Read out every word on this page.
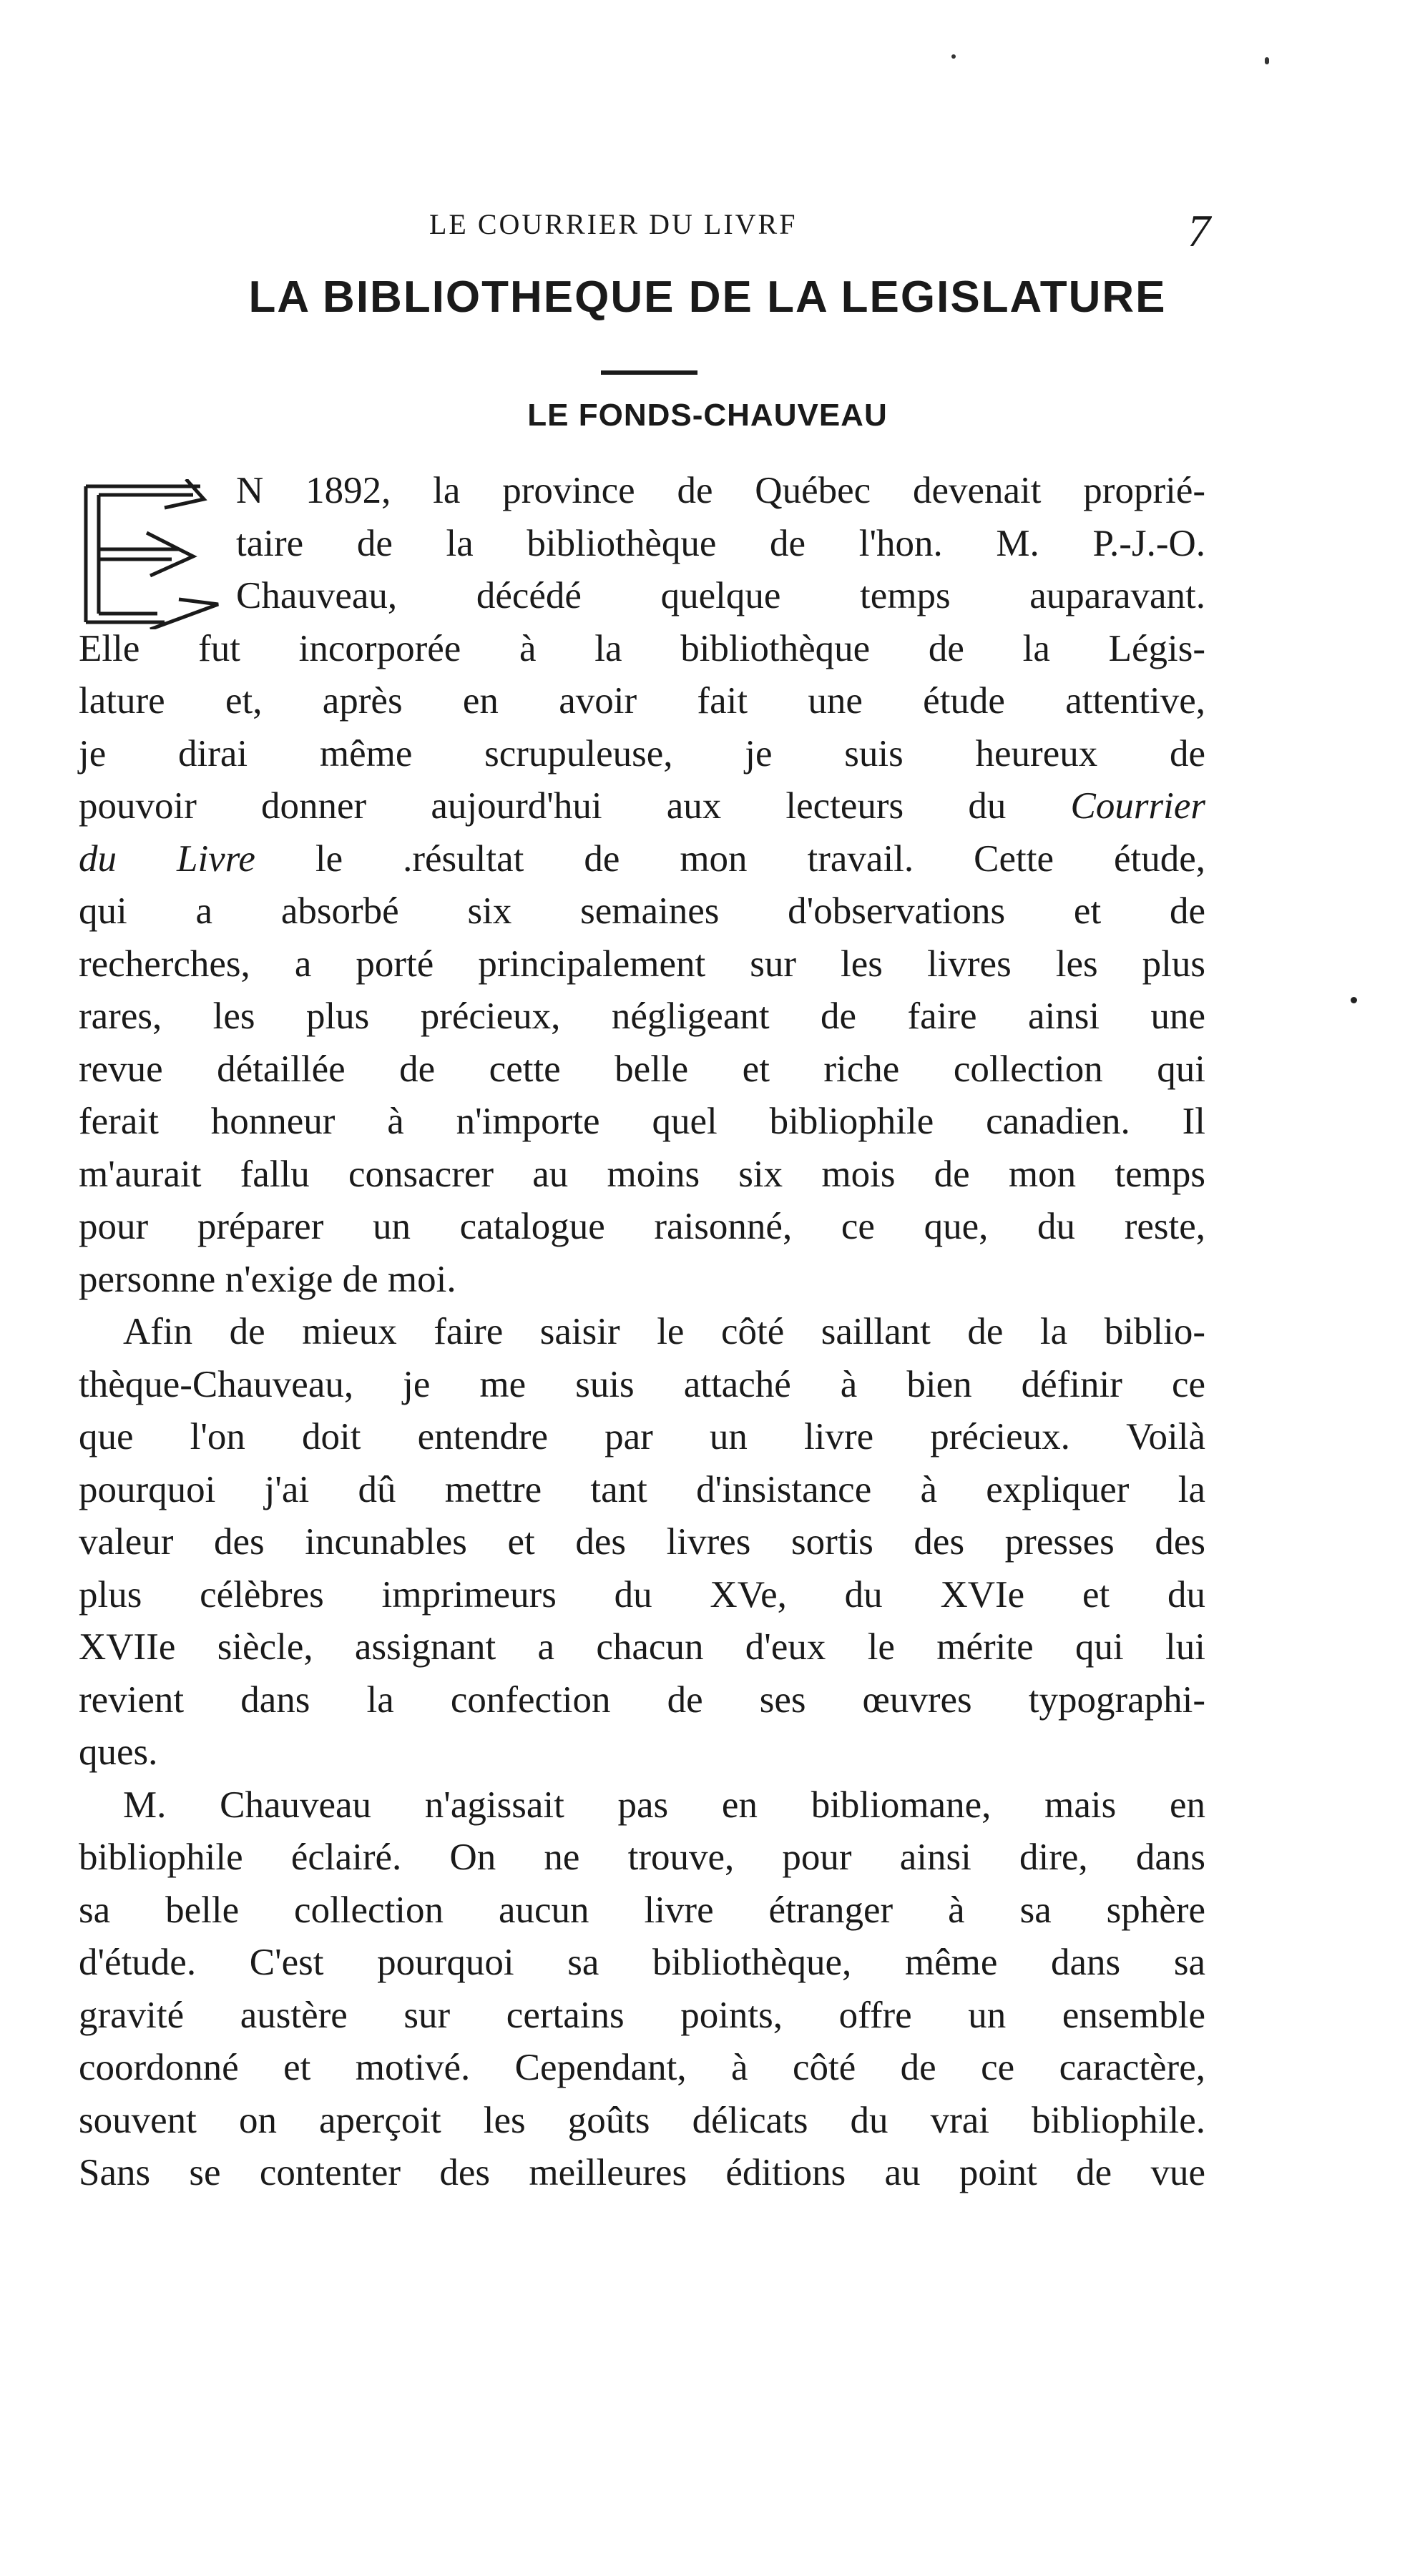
LE COURRIER DU LIVRF	7
LA BIBLIOTHEQUE DE LA LEGISLATURE
LE FONDS-CHAUVEAU
N 1892, la province de Québec devenait proprié-
taire de la bibliothèque de l'hon. M. P.-J.-O.
Chauveau, décédé quelque temps auparavant.
Elle fut incorporée à la bibliothèque de la Légis-
lature et, après en avoir fait une étude attentive,
je dirai même scrupuleuse, je suis heureux de
pouvoir donner aujourd'hui aux lecteurs du Courrier
du Livre le .résultat de mon travail. Cette étude,
qui a absorbé six semaines d'observations et de
recherches, a porté principalement sur les livres les plus
rares, les plus précieux, négligeant de faire ainsi une
revue détaillée de cette belle et riche collection qui
ferait honneur à n'importe quel bibliophile canadien. Il
m'aurait fallu consacrer au moins six mois de mon temps
pour préparer un catalogue raisonné, ce que, du reste,
personne n'exige de moi.
Afin de mieux faire saisir le côté saillant de la biblio-
thèque-Chauveau, je me suis attaché à bien définir ce
que l'on doit entendre par un livre précieux. Voilà
pourquoi j'ai dû mettre tant d'insistance à expliquer la
valeur des incunables et des livres sortis des presses des
plus célèbres imprimeurs du XVe, du XVIe et du
XVIIe siècle, assignant a chacun d'eux le mérite qui lui
revient dans la confection de ses œuvres typographi-
ques.
M. Chauveau n'agissait pas en bibliomane, mais en
bibliophile éclairé. On ne trouve, pour ainsi dire, dans
sa belle collection aucun livre étranger à sa sphère
d'étude. C'est pourquoi sa bibliothèque, même dans sa
gravité austère sur certains points, offre un ensemble
coordonné et motivé. Cependant, à côté de ce caractère,
souvent on aperçoit les goûts délicats du vrai bibliophile.
Sans se contenter des meilleures éditions au point de vue
